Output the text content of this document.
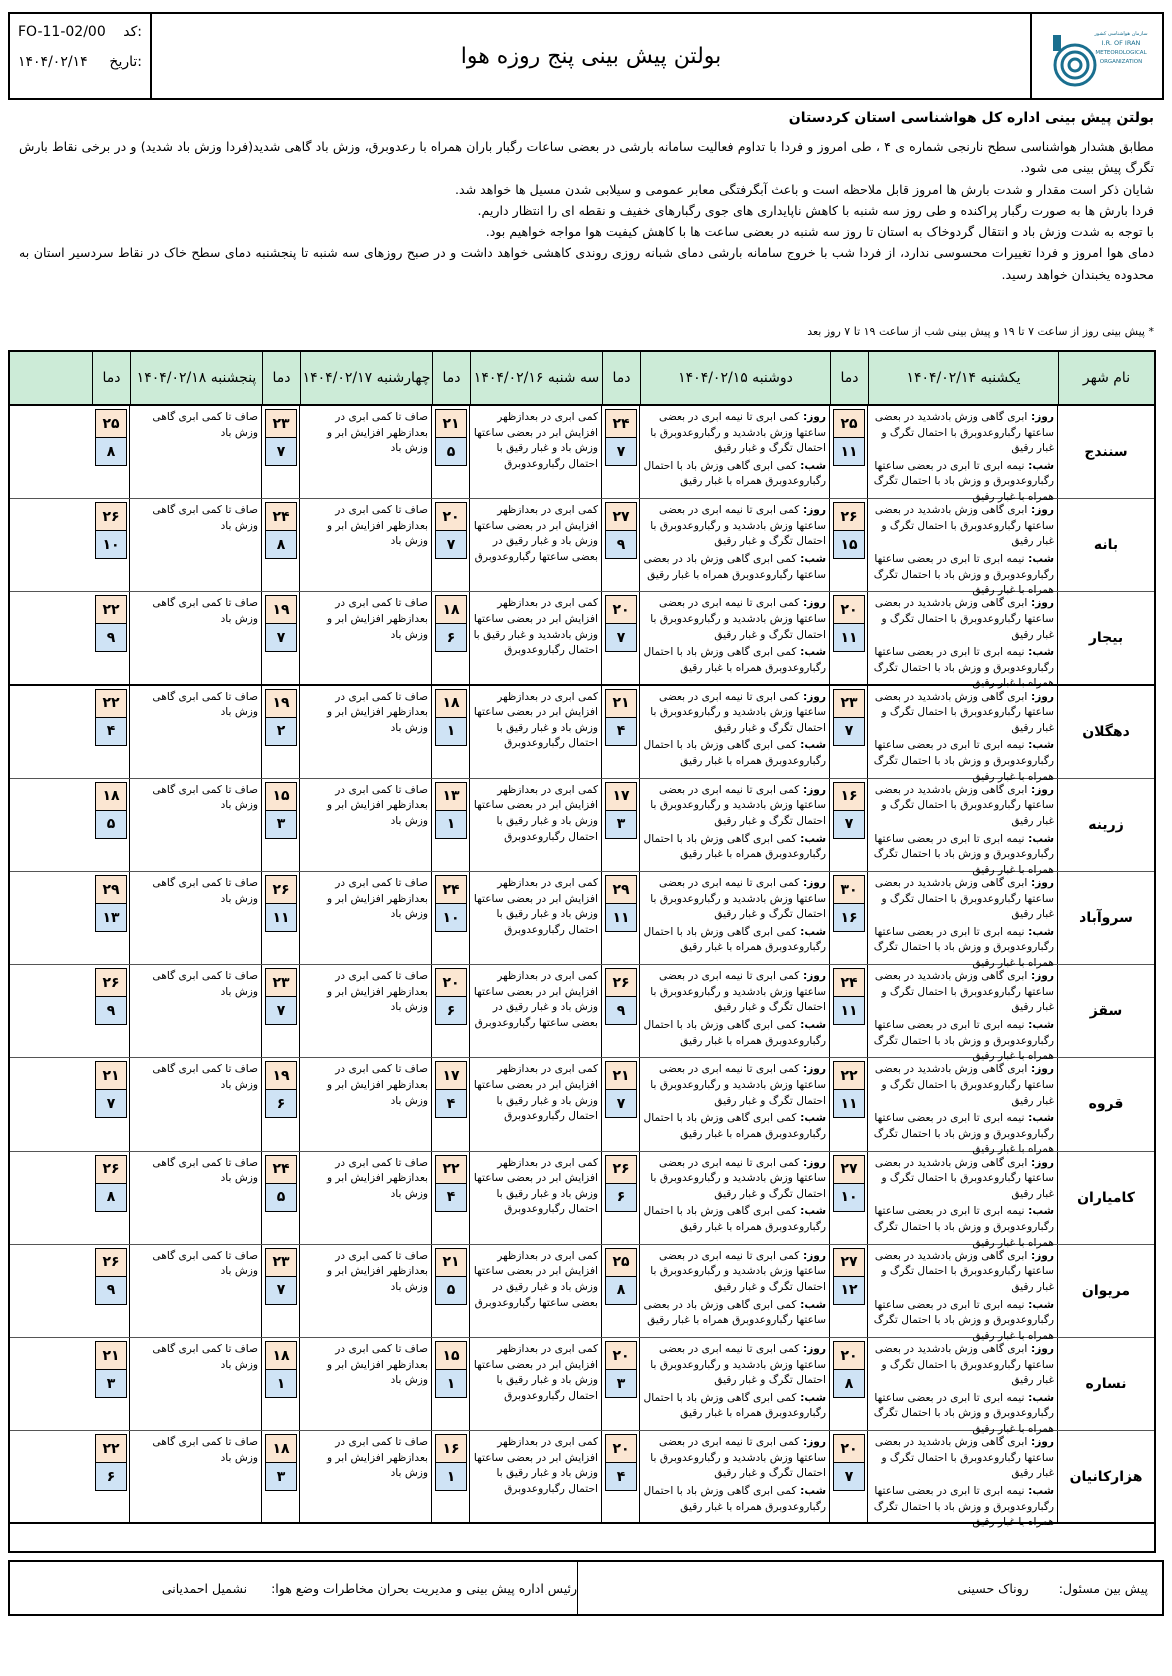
FO-11-02/00 کد:
۱۴۰۴/۰۲/۱۴ تاریخ:	بولتن پیش بینی پنج روزه هوا
سازمان هواشناسی کشور
I.R. OF IRAN
METEOROLOGICAL
ORGANIZATION
بولتن پیش بینی اداره کل هواشناسی استان کردستان

مطابق هشدار هواشناسی سطح نارنجی شماره ی ۴ ، طی امروز و فردا با تداوم فعالیت سامانه بارشی در بعضی ساعات رگبار باران همراه با رعدوبرق، وزش باد گاهی شدید(فردا وزش باد شدید) و در برخی نقاط بارش تگرگ پیش بینی می شود.

شایان ذکر است مقدار و شدت بارش ها امروز قابل ملاحظه است و باعث آبگرفتگی معابر عمومی و سیلابی شدن مسیل ها خواهد شد.

فردا بارش ها به صورت رگبار پراکنده و طی روز سه شنبه با کاهش ناپایداری های جوی رگبارهای خفیف و نقطه ای را انتظار داریم.

با توجه به شدت وزش باد و انتقال گردوخاک به استان تا روز سه شنبه در بعضی ساعت ها با کاهش کیفیت هوا مواجه خواهیم بود.

دمای هوا امروز و فردا تغییرات محسوسی ندارد، از فردا شب با خروج سامانه بارشی دمای شبانه روزی روندی کاهشی خواهد داشت و در صبح روزهای سه شنبه تا پنجشنبه دمای سطح خاک در نقاط سردسیر استان به محدوده یخبندان خواهد رسید.

* پیش بینی روز از ساعت ۷ تا ۱۹ و پیش بینی شب از ساعت ۱۹ تا ۷ روز بعد
نام شهر
یکشنبه ۱۴۰۴/۰۲/۱۴
دما
دوشنبه ۱۴۰۴/۰۲/۱۵
دما
سه شنبه ۱۴۰۴/۰۲/۱۶
دما
چهارشنبه ۱۴۰۴/۰۲/۱۷
دما
پنجشنبه ۱۴۰۴/۰۲/۱۸
دما
سنندج
روز: ابری گاهی وزش بادشدید در بعضی ساعتها رگباروعدوبرق با احتمال تگرگ و غبار رقیق
شب: نیمه ابری تا ابری در بعضی ساعتها رگباروعدوبرق و وزش باد با احتمال تگرگ همراه با غبار رقیق
۲۵
۱۱
روز: کمی ابری تا نیمه ابری در بعضی ساعتها وزش بادشدید و رگباروعدوبرق با احتمال تگرگ و غبار رقیق
شب: کمی ابری گاهی وزش باد با احتمال رگباروعدوبرق همراه با غبار رقیق
۲۴
۷
کمی ابری در بعدازظهر افزایش ابر در بعضی ساعتها وزش باد و غبار رقیق با احتمال رگباروعدوبرق
۲۱
۵
صاف تا کمی ابری در بعدازظهر افزایش ابر و وزش باد
۲۳
۷
صاف تا کمی ابری گاهی وزش باد
۲۵
۸
بانه
روز: ابری گاهی وزش بادشدید در بعضی ساعتها رگباروعدوبرق با احتمال تگرگ و غبار رقیق
شب: نیمه ابری تا ابری در بعضی ساعتها رگباروعدوبرق و وزش باد با احتمال تگرگ همراه با غبار رقیق
۲۶
۱۵
روز: کمی ابری تا نیمه ابری در بعضی ساعتها وزش بادشدید و رگباروعدوبرق با احتمال تگرگ و غبار رقیق
شب: کمی ابری گاهی وزش باد در بعضی ساعتها رگباروعدوبرق همراه با غبار رقیق
۲۷
۹
کمی ابری در بعدازظهر افزایش ابر در بعضی ساعتها وزش باد و غبار رقیق در بعضی ساعتها رگباروعدوبرق
۲۰
۷
صاف تا کمی ابری در بعدازظهر افزایش ابر و وزش باد
۲۴
۸
صاف تا کمی ابری گاهی وزش باد
۲۶
۱۰
بیجار
روز: ابری گاهی وزش بادشدید در بعضی ساعتها رگباروعدوبرق با احتمال تگرگ و غبار رقیق
شب: نیمه ابری تا ابری در بعضی ساعتها رگباروعدوبرق و وزش باد با احتمال تگرگ همراه با غبار رقیق
۲۰
۱۱
روز: کمی ابری تا نیمه ابری در بعضی ساعتها وزش بادشدید و رگباروعدوبرق با احتمال تگرگ و غبار رقیق
شب: کمی ابری گاهی وزش باد با احتمال رگباروعدوبرق همراه با غبار رقیق
۲۰
۷
کمی ابری در بعدازظهر افزایش ابر در بعضی ساعتها وزش بادشدید و غبار رقیق با احتمال رگباروعدوبرق
۱۸
۶
صاف تا کمی ابری در بعدازظهر افزایش ابر و وزش باد
۱۹
۷
صاف تا کمی ابری گاهی وزش باد
۲۲
۹
دهگلان
روز: ابری گاهی وزش بادشدید در بعضی ساعتها رگباروعدوبرق با احتمال تگرگ و غبار رقیق
شب: نیمه ابری تا ابری در بعضی ساعتها رگباروعدوبرق و وزش باد با احتمال تگرگ همراه با غبار رقیق
۲۳
۷
روز: کمی ابری تا نیمه ابری در بعضی ساعتها وزش بادشدید و رگباروعدوبرق با احتمال تگرگ و غبار رقیق
شب: کمی ابری گاهی وزش باد با احتمال رگباروعدوبرق همراه با غبار رقیق
۲۱
۴
کمی ابری در بعدازظهر افزایش ابر در بعضی ساعتها وزش باد و غبار رقیق با احتمال رگباروعدوبرق
۱۸
۱
صاف تا کمی ابری در بعدازظهر افزایش ابر و وزش باد
۱۹
۲
صاف تا کمی ابری گاهی وزش باد
۲۲
۴
زرینه
روز: ابری گاهی وزش بادشدید در بعضی ساعتها رگباروعدوبرق با احتمال تگرگ و غبار رقیق
شب: نیمه ابری تا ابری در بعضی ساعتها رگباروعدوبرق و وزش باد با احتمال تگرگ همراه با غبار رقیق
۱۶
۷
روز: کمی ابری تا نیمه ابری در بعضی ساعتها وزش بادشدید و رگباروعدوبرق با احتمال تگرگ و غبار رقیق
شب: کمی ابری گاهی وزش باد با احتمال رگباروعدوبرق همراه با غبار رقیق
۱۷
۳
کمی ابری در بعدازظهر افزایش ابر در بعضی ساعتها وزش باد و غبار رقیق با احتمال رگباروعدوبرق
۱۳
۱
صاف تا کمی ابری در بعدازظهر افزایش ابر و وزش باد
۱۵
۳
صاف تا کمی ابری گاهی وزش باد
۱۸
۵
سروآباد
روز: ابری گاهی وزش بادشدید در بعضی ساعتها رگباروعدوبرق با احتمال تگرگ و غبار رقیق
شب: نیمه ابری تا ابری در بعضی ساعتها رگباروعدوبرق و وزش باد با احتمال تگرگ همراه با غبار رقیق
۳۰
۱۶
روز: کمی ابری تا نیمه ابری در بعضی ساعتها وزش بادشدید و رگباروعدوبرق با احتمال تگرگ و غبار رقیق
شب: کمی ابری گاهی وزش باد با احتمال رگباروعدوبرق همراه با غبار رقیق
۲۹
۱۱
کمی ابری در بعدازظهر افزایش ابر در بعضی ساعتها وزش باد و غبار رقیق با احتمال رگباروعدوبرق
۲۴
۱۰
صاف تا کمی ابری در بعدازظهر افزایش ابر و وزش باد
۲۶
۱۱
صاف تا کمی ابری گاهی وزش باد
۲۹
۱۳
سقز
روز: ابری گاهی وزش بادشدید در بعضی ساعتها رگباروعدوبرق با احتمال تگرگ و غبار رقیق
شب: نیمه ابری تا ابری در بعضی ساعتها رگباروعدوبرق و وزش باد با احتمال تگرگ همراه با غبار رقیق
۲۴
۱۱
روز: کمی ابری تا نیمه ابری در بعضی ساعتها وزش بادشدید و رگباروعدوبرق با احتمال تگرگ و غبار رقیق
شب: کمی ابری گاهی وزش باد با احتمال رگباروعدوبرق همراه با غبار رقیق
۲۶
۹
کمی ابری در بعدازظهر افزایش ابر در بعضی ساعتها وزش باد و غبار رقیق در بعضی ساعتها رگباروعدوبرق
۲۰
۶
صاف تا کمی ابری در بعدازظهر افزایش ابر و وزش باد
۲۳
۷
صاف تا کمی ابری گاهی وزش باد
۲۶
۹
قروه
روز: ابری گاهی وزش بادشدید در بعضی ساعتها رگباروعدوبرق با احتمال تگرگ و غبار رقیق
شب: نیمه ابری تا ابری در بعضی ساعتها رگباروعدوبرق و وزش باد با احتمال تگرگ همراه با غبار رقیق
۲۲
۱۱
روز: کمی ابری تا نیمه ابری در بعضی ساعتها وزش بادشدید و رگباروعدوبرق با احتمال تگرگ و غبار رقیق
شب: کمی ابری گاهی وزش باد با احتمال رگباروعدوبرق همراه با غبار رقیق
۲۱
۷
کمی ابری در بعدازظهر افزایش ابر در بعضی ساعتها وزش باد و غبار رقیق با احتمال رگباروعدوبرق
۱۷
۴
صاف تا کمی ابری در بعدازظهر افزایش ابر و وزش باد
۱۹
۶
صاف تا کمی ابری گاهی وزش باد
۲۱
۷
کامیاران
روز: ابری گاهی وزش بادشدید در بعضی ساعتها رگباروعدوبرق با احتمال تگرگ و غبار رقیق
شب: نیمه ابری تا ابری در بعضی ساعتها رگباروعدوبرق و وزش باد با احتمال تگرگ همراه با غبار رقیق
۲۷
۱۰
روز: کمی ابری تا نیمه ابری در بعضی ساعتها وزش بادشدید و رگباروعدوبرق با احتمال تگرگ و غبار رقیق
شب: کمی ابری گاهی وزش باد با احتمال رگباروعدوبرق همراه با غبار رقیق
۲۶
۶
کمی ابری در بعدازظهر افزایش ابر در بعضی ساعتها وزش باد و غبار رقیق با احتمال رگباروعدوبرق
۲۲
۴
صاف تا کمی ابری در بعدازظهر افزایش ابر و وزش باد
۲۴
۵
صاف تا کمی ابری گاهی وزش باد
۲۶
۸
مریوان
روز: ابری گاهی وزش بادشدید در بعضی ساعتها رگباروعدوبرق با احتمال تگرگ و غبار رقیق
شب: نیمه ابری تا ابری در بعضی ساعتها رگباروعدوبرق و وزش باد با احتمال تگرگ همراه با غبار رقیق
۲۷
۱۲
روز: کمی ابری تا نیمه ابری در بعضی ساعتها وزش بادشدید و رگباروعدوبرق با احتمال تگرگ و غبار رقیق
شب: کمی ابری گاهی وزش باد در بعضی ساعتها رگباروعدوبرق همراه با غبار رقیق
۲۵
۸
کمی ابری در بعدازظهر افزایش ابر در بعضی ساعتها وزش باد و غبار رقیق در بعضی ساعتها رگباروعدوبرق
۲۱
۵
صاف تا کمی ابری در بعدازظهر افزایش ابر و وزش باد
۲۳
۷
صاف تا کمی ابری گاهی وزش باد
۲۶
۹
نساره
روز: ابری گاهی وزش بادشدید در بعضی ساعتها رگباروعدوبرق با احتمال تگرگ و غبار رقیق
شب: نیمه ابری تا ابری در بعضی ساعتها رگباروعدوبرق و وزش باد با احتمال تگرگ همراه با غبار رقیق
۲۰
۸
روز: کمی ابری تا نیمه ابری در بعضی ساعتها وزش بادشدید و رگباروعدوبرق با احتمال تگرگ و غبار رقیق
شب: کمی ابری گاهی وزش باد با احتمال رگباروعدوبرق همراه با غبار رقیق
۲۰
۳
کمی ابری در بعدازظهر افزایش ابر در بعضی ساعتها وزش باد و غبار رقیق با احتمال رگباروعدوبرق
۱۵
۱
صاف تا کمی ابری در بعدازظهر افزایش ابر و وزش باد
۱۸
۱
صاف تا کمی ابری گاهی وزش باد
۲۱
۳
هزارکانیان
روز: ابری گاهی وزش بادشدید در بعضی ساعتها رگباروعدوبرق با احتمال تگرگ و غبار رقیق
شب: نیمه ابری تا ابری در بعضی ساعتها رگباروعدوبرق و وزش باد با احتمال تگرگ همراه با غبار رقیق
۲۰
۷
روز: کمی ابری تا نیمه ابری در بعضی ساعتها وزش بادشدید و رگباروعدوبرق با احتمال تگرگ و غبار رقیق
شب: کمی ابری گاهی وزش باد با احتمال رگباروعدوبرق همراه با غبار رقیق
۲۰
۴
کمی ابری در بعدازظهر افزایش ابر در بعضی ساعتها وزش باد و غبار رقیق با احتمال رگباروعدوبرق
۱۶
۱
صاف تا کمی ابری در بعدازظهر افزایش ابر و وزش باد
۱۸
۳
صاف تا کمی ابری گاهی وزش باد
۲۲
۶
پیش بین مسئول:
روناک حسینی
رئیس اداره پیش بینی و مدیریت بحران مخاطرات وضع هوا:  نشمیل احمدیانی
